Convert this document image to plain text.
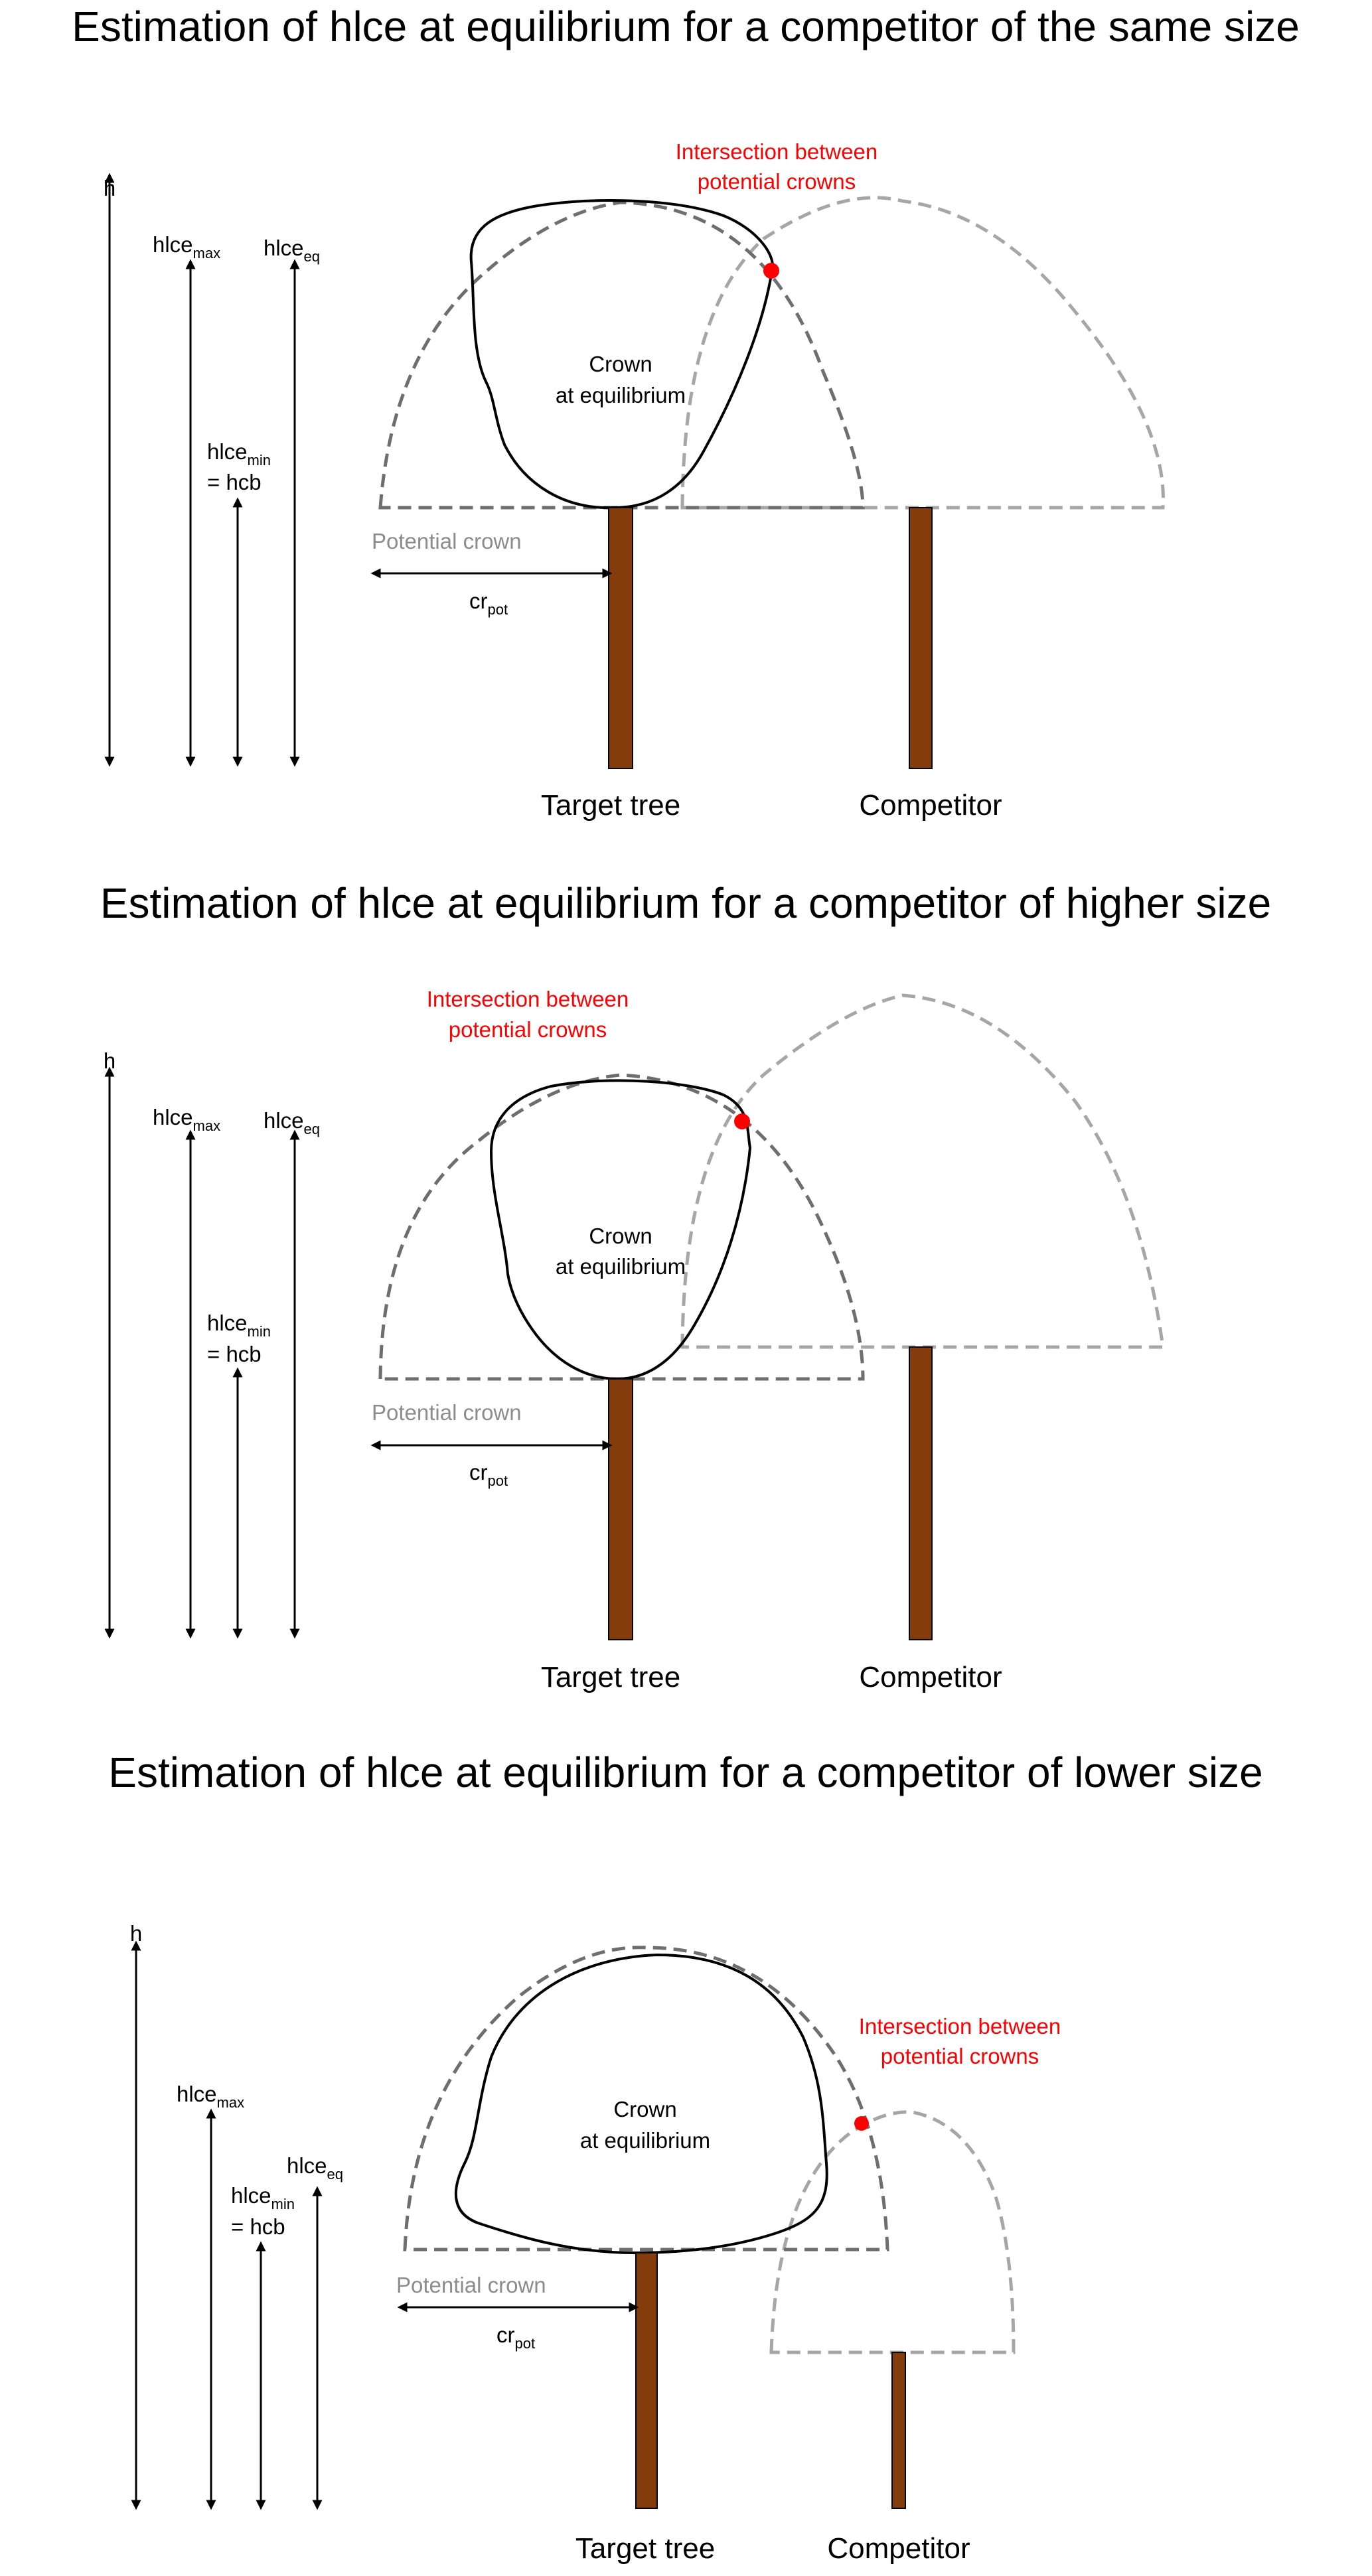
Estimation of hlce at equilibrium for a competitor of the same size
Intersection between
potential crowns
Crown
at equilibrium
Potential crown
$cr_{pot}$
h
hlce$_{max}$ hlce$_{eq}$
hlce$_{min}$
= hcb
Target tree	Competitor
Estimation of hlce at equilibrium for a competitor of higher size
Intersection between
potential crowns
Crown
at equilibrium
Potential crown
$cr_{pot}$
h
hlce$_{max}$ hlce$_{eq}$
hlce$_{min}$
= hcb
Target tree	Competitor
Estimation of hlce at equilibrium for a competitor of lower size
Intersection between
potential crowns
Crown
at equilibrium
Potential crown
$cr_{pot}$
h
hlce$_{max}$
hlce$_{eq}$
hlce$_{min}$
= hcb
Target tree	Competitor
